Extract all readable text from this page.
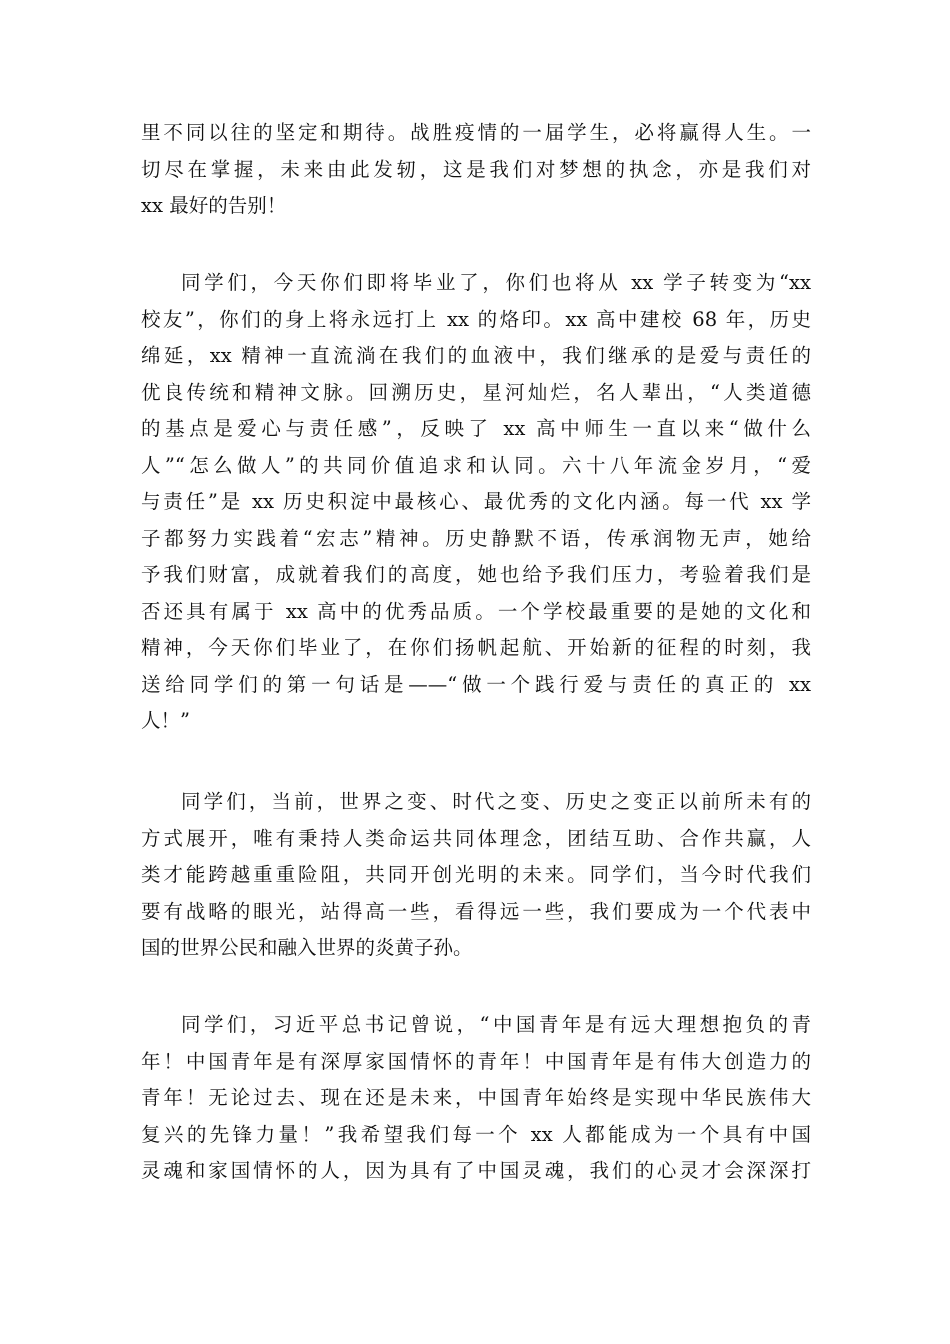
里不同以往的坚定和期待。战胜疫情的一届学生，必将赢得人生。一
切尽在掌握，未来由此发轫，这是我们对梦想的执念，亦是我们对
xx 最好的告别！
同学们，今天你们即将毕业了，你们也将从 xx 学子转变为“xx
校友”，你们的身上将永远打上 xx 的烙印。xx 高中建校 68 年，历史
绵延，xx 精神一直流淌在我们的血液中，我们继承的是爱与责任的
优良传统和精神文脉。回溯历史，星河灿烂，名人辈出，“人类道德
的基点是爱心与责任感”，反映了 xx 高中师生一直以来“做什么
人”“怎么做人”的共同价值追求和认同。六十八年流金岁月，“爱
与责任”是 xx 历史积淀中最核心、最优秀的文化内涵。每一代 xx 学
子都努力实践着“宏志”精神。历史静默不语，传承润物无声，她给
予我们财富，成就着我们的高度，她也给予我们压力，考验着我们是
否还具有属于 xx 高中的优秀品质。一个学校最重要的是她的文化和
精神，今天你们毕业了，在你们扬帆起航、开始新的征程的时刻，我
送给同学们的第一句话是——“做一个践行爱与责任的真正的 xx
人！”
同学们，当前，世界之变、时代之变、历史之变正以前所未有的
方式展开，唯有秉持人类命运共同体理念，团结互助、合作共赢，人
类才能跨越重重险阻，共同开创光明的未来。同学们，当今时代我们
要有战略的眼光，站得高一些，看得远一些，我们要成为一个代表中
国的世界公民和融入世界的炎黄子孙。
同学们，习近平总书记曾说，“中国青年是有远大理想抱负的青
年！中国青年是有深厚家国情怀的青年！中国青年是有伟大创造力的
青年！无论过去、现在还是未来，中国青年始终是实现中华民族伟大
复兴的先锋力量！”我希望我们每一个 xx 人都能成为一个具有中国
灵魂和家国情怀的人，因为具有了中国灵魂，我们的心灵才会深深打
